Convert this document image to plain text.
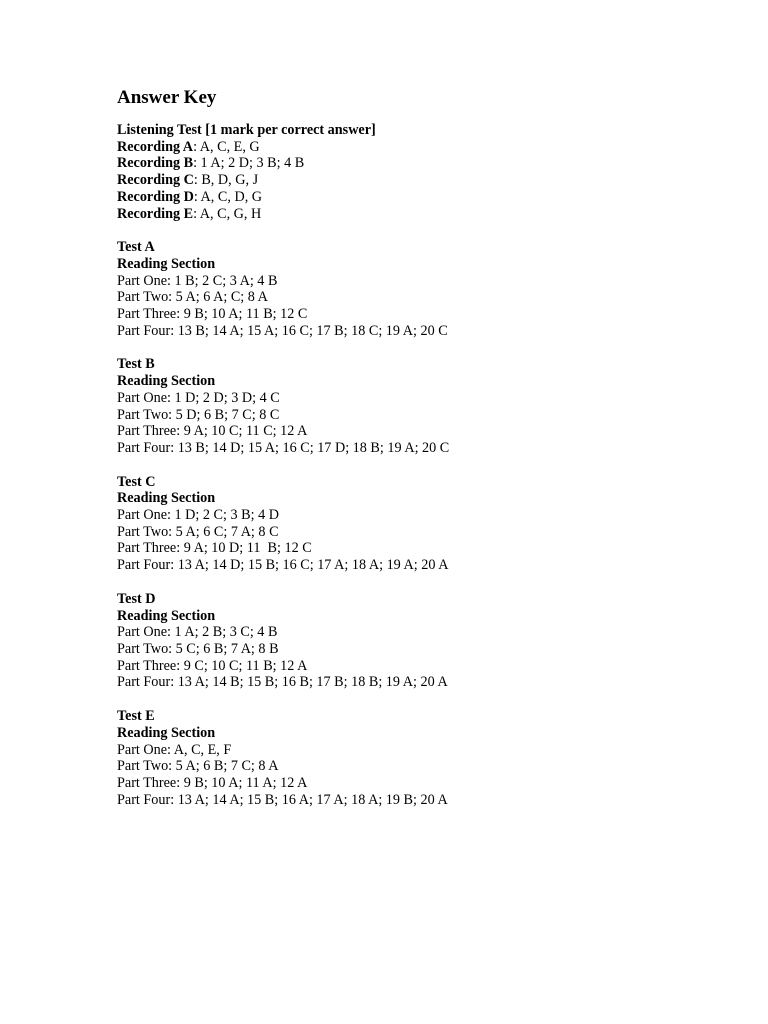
Answer Key
Listening Test [1 mark per correct answer]
Recording A: A, C, E, G
Recording B: 1 A; 2 D; 3 B; 4 B
Recording C: B, D, G, J
Recording D: A, C, D, G
Recording E: A, C, G, H
Test A
Reading Section
Part One: 1 B; 2 C; 3 A; 4 B
Part Two: 5 A; 6 A; C; 8 A
Part Three: 9 B; 10 A; 11 B; 12 C
Part Four: 13 B; 14 A; 15 A; 16 C; 17 B; 18 C; 19 A; 20 C
Test B
Reading Section
Part One: 1 D; 2 D; 3 D; 4 C
Part Two: 5 D; 6 B; 7 C; 8 C
Part Three: 9 A; 10 C; 11 C; 12 A
Part Four: 13 B; 14 D; 15 A; 16 C; 17 D; 18 B; 19 A; 20 C
Test C
Reading Section
Part One: 1 D; 2 C; 3 B; 4 D
Part Two: 5 A; 6 C; 7 A; 8 C
Part Three: 9 A; 10 D; 11  B; 12 C
Part Four: 13 A; 14 D; 15 B; 16 C; 17 A; 18 A; 19 A; 20 A
Test D
Reading Section
Part One: 1 A; 2 B; 3 C; 4 B
Part Two: 5 C; 6 B; 7 A; 8 B
Part Three: 9 C; 10 C; 11 B; 12 A
Part Four: 13 A; 14 B; 15 B; 16 B; 17 B; 18 B; 19 A; 20 A
Test E
Reading Section
Part One: A, C, E, F
Part Two: 5 A; 6 B; 7 C; 8 A
Part Three: 9 B; 10 A; 11 A; 12 A
Part Four: 13 A; 14 A; 15 B; 16 A; 17 A; 18 A; 19 B; 20 A
